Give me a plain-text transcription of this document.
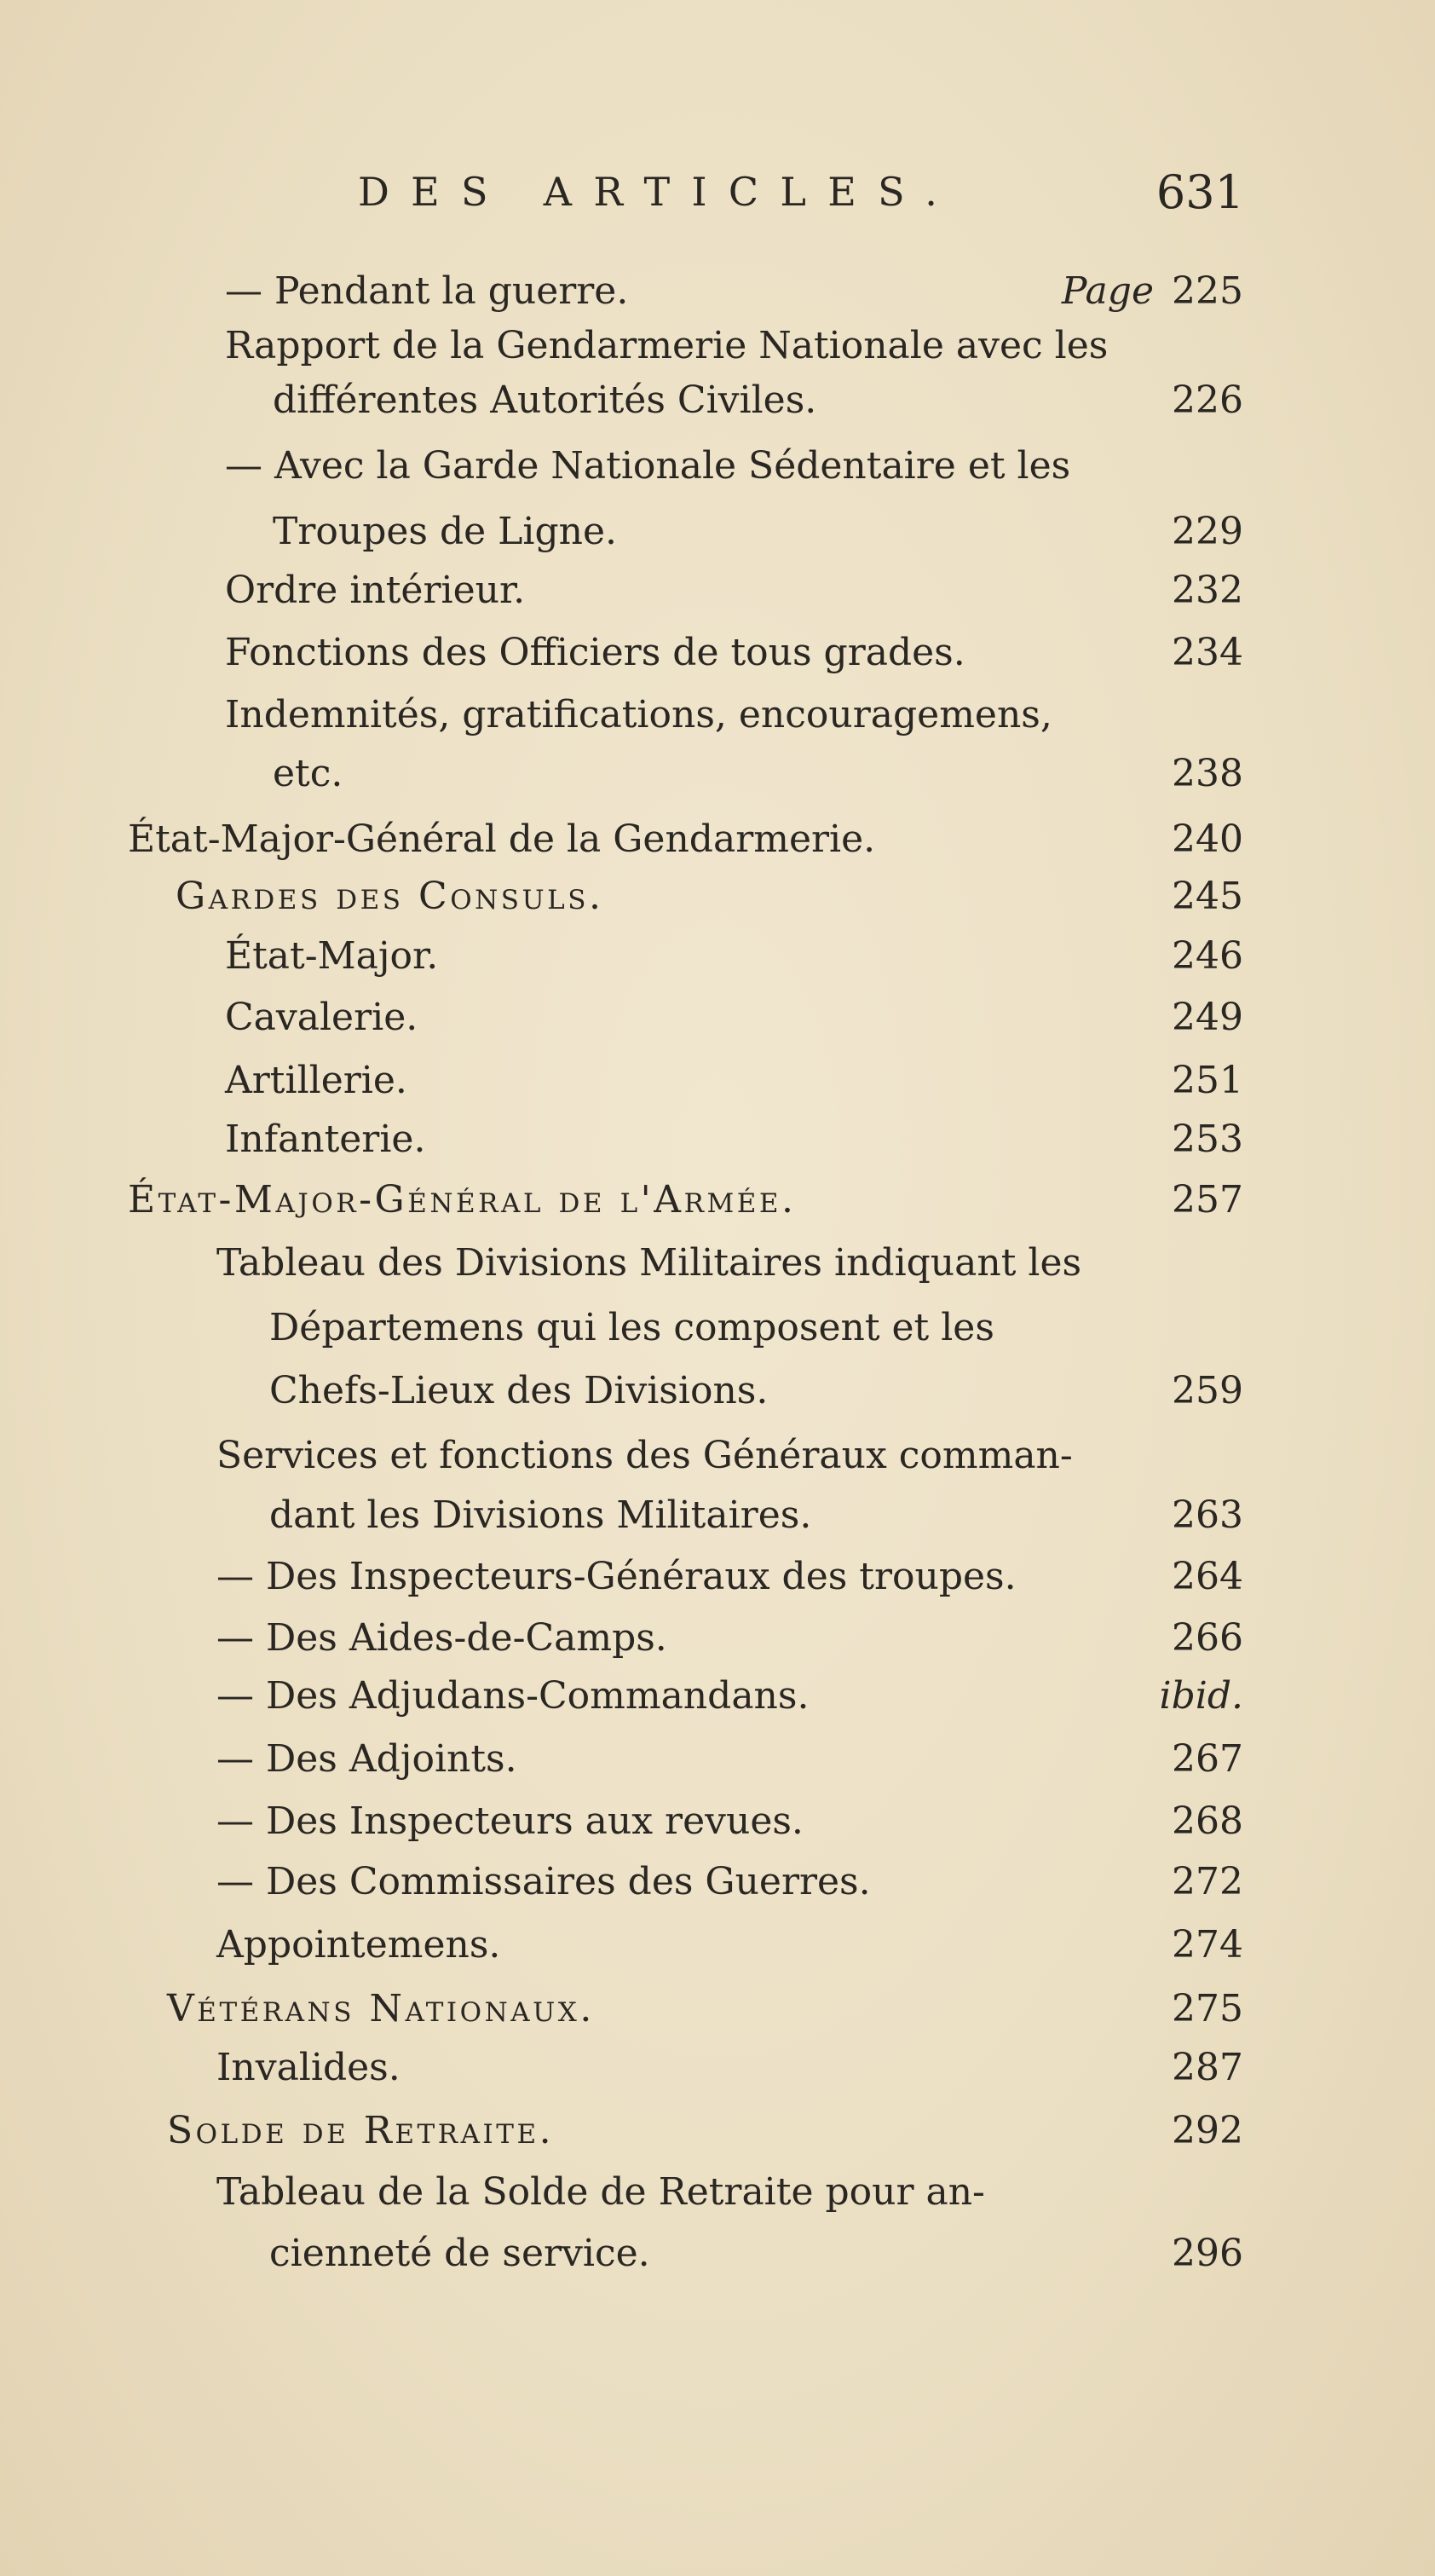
DES ARTICLES.	631
— Pendant la guerre.	Page 225
Rapport de la Gendarmerie Nationale avec les
différentes Autorités Civiles.	226
— Avec la Garde Nationale Sédentaire et les
Troupes de Ligne.	229
Ordre intérieur.	232
Fonctions des Officiers de tous grades.	234
Indemnités, gratifications, encouragemens,
etc.	238
État-Major-Général de la Gendarmerie.	240
Gardes des Consuls.	245
État-Major.	246
Cavalerie.	249
Artillerie.	251
Infanterie.	253
État-Major-Général de l'Armée.	257
Tableau des Divisions Militaires indiquant les
Départemens qui les composent et les
Chefs-Lieux des Divisions.	259
Services et fonctions des Généraux comman-
dant les Divisions Militaires.	263
— Des Inspecteurs-Généraux des troupes.	264
— Des Aides-de-Camps.	266
— Des Adjudans-Commandans.	ibid.
— Des Adjoints.	267
— Des Inspecteurs aux revues.	268
— Des Commissaires des Guerres.	272
Appointemens.	274
Vétérans Nationaux.	275
Invalides.	287
Solde de Retraite.	292
Tableau de la Solde de Retraite pour an-
cienneté de service.	296
